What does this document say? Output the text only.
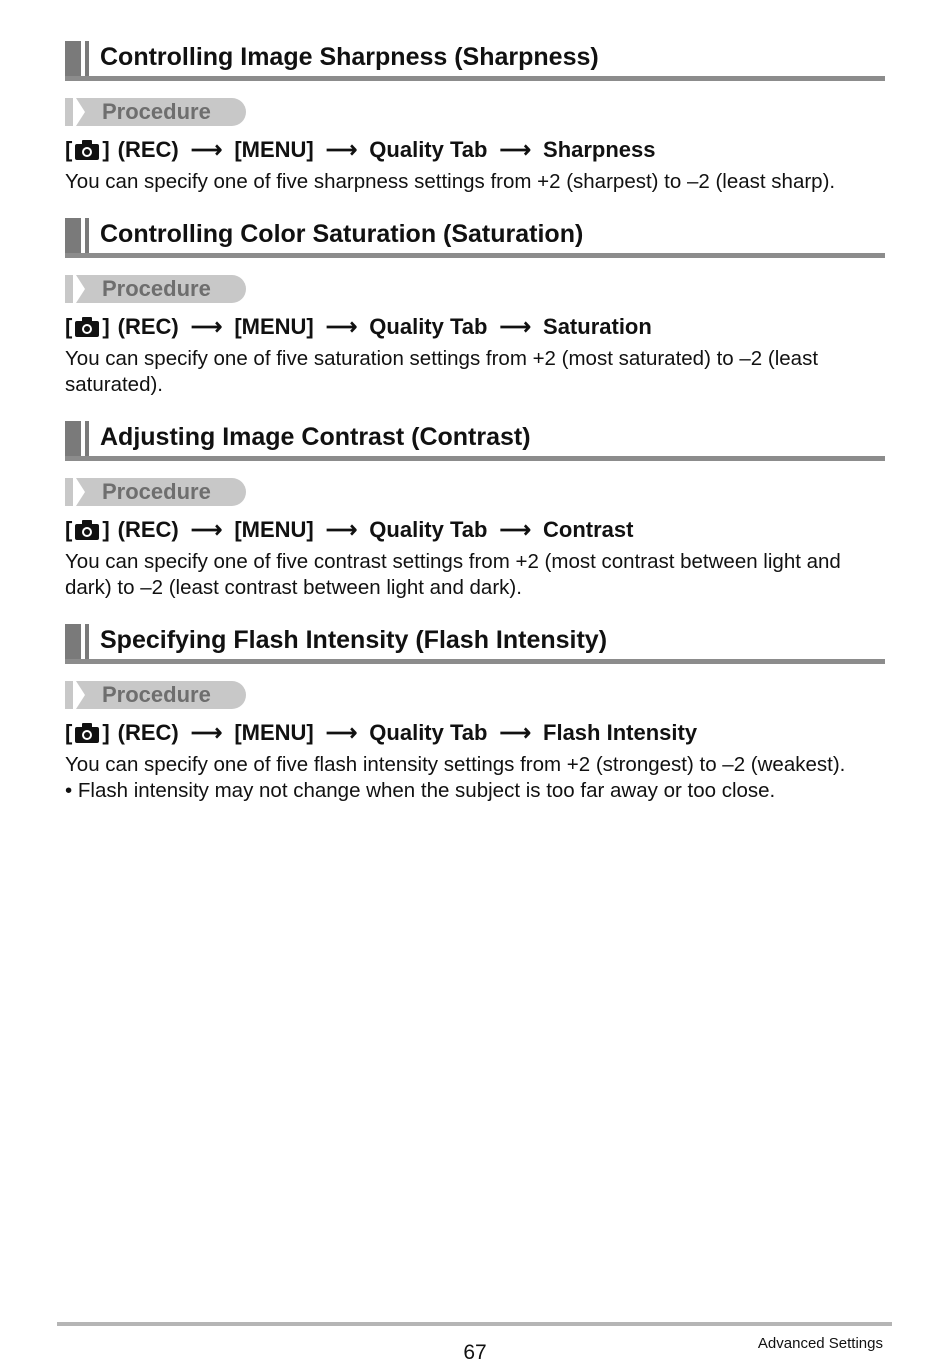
Controlling Image Sharpness (Sharpness)
Procedure
[ ] (REC) ⟶ [MENU] ⟶ Quality Tab ⟶ Sharpness
You can specify one of five sharpness settings from +2 (sharpest) to –2 (least sharp).
Controlling Color Saturation (Saturation)
Procedure
[ ] (REC) ⟶ [MENU] ⟶ Quality Tab ⟶ Saturation
You can specify one of five saturation settings from +2 (most saturated) to –2 (least saturated).
Adjusting Image Contrast (Contrast)
Procedure
[ ] (REC) ⟶ [MENU] ⟶ Quality Tab ⟶ Contrast
You can specify one of five contrast settings from +2 (most contrast between light and dark) to –2 (least contrast between light and dark).
Specifying Flash Intensity (Flash Intensity)
Procedure
[ ] (REC) ⟶ [MENU] ⟶ Quality Tab ⟶ Flash Intensity
You can specify one of five flash intensity settings from +2 (strongest) to –2 (weakest).
• Flash intensity may not change when the subject is too far away or too close.
67	Advanced Settings
